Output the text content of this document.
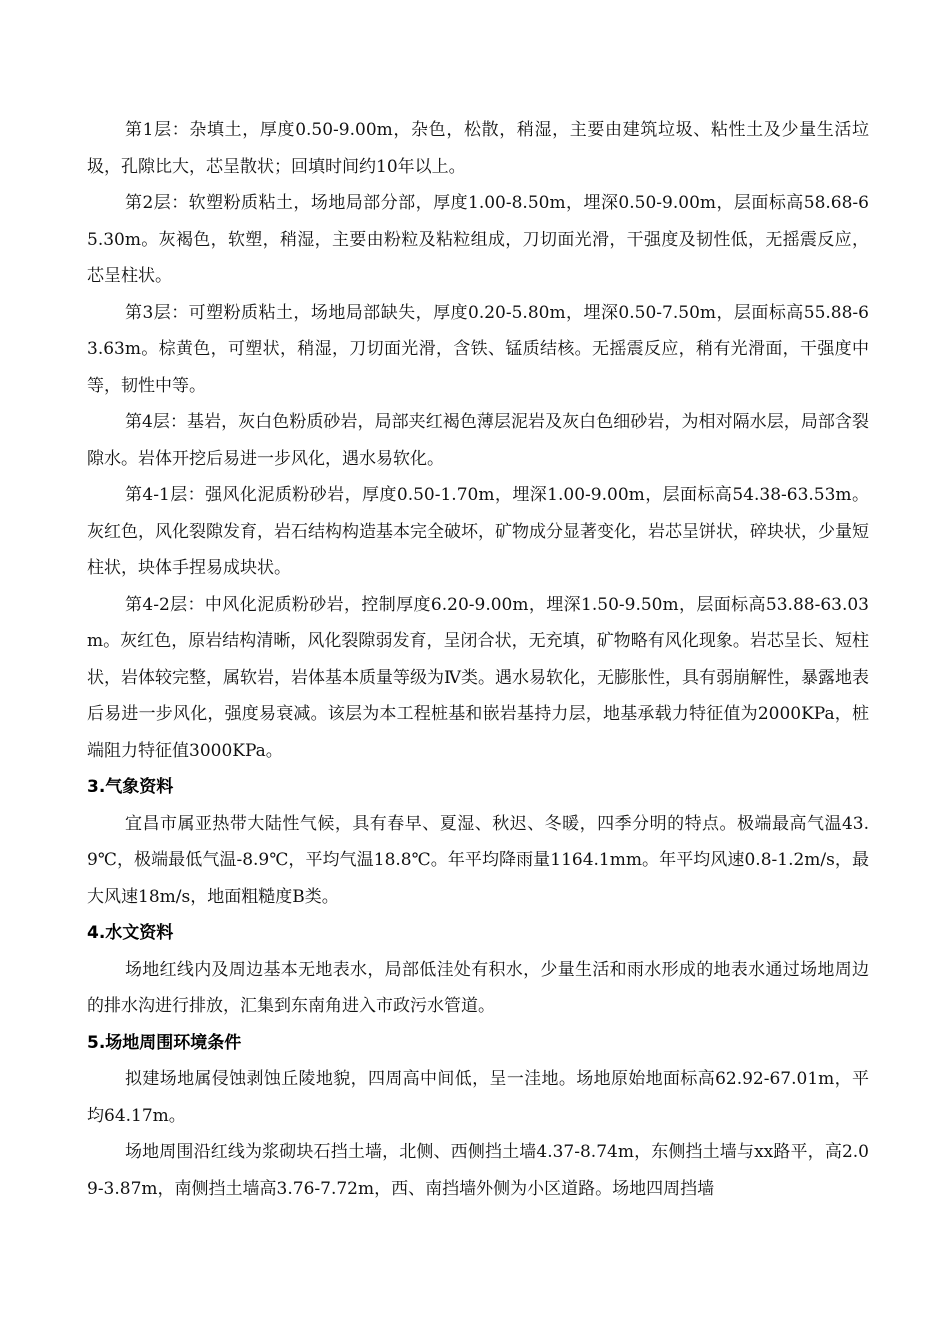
第1层：杂填土，厚度0.50-9.00m，杂色，松散，稍湿，主要由建筑垃圾、粘性土及少量生活垃圾，孔隙比大，芯呈散状；回填时间约10年以上。

第2层：软塑粉质粘土，场地局部分部，厚度1.00-8.50m，埋深0.50-9.00m，层面标高58.68-65.30m。灰褐色，软塑，稍湿，主要由粉粒及粘粒组成，刀切面光滑，干强度及韧性低，无摇震反应，芯呈柱状。

第3层：可塑粉质粘土，场地局部缺失，厚度0.20-5.80m，埋深0.50-7.50m，层面标高55.88-63.63m。棕黄色，可塑状，稍湿，刀切面光滑，含铁、锰质结核。无摇震反应，稍有光滑面，干强度中等，韧性中等。

第4层：基岩，灰白色粉质砂岩，局部夹红褐色薄层泥岩及灰白色细砂岩，为相对隔水层，局部含裂隙水。岩体开挖后易进一步风化，遇水易软化。

第4-1层：强风化泥质粉砂岩，厚度0.50-1.70m，埋深1.00-9.00m，层面标高54.38-63.53m。灰红色，风化裂隙发育，岩石结构构造基本完全破坏，矿物成分显著变化，岩芯呈饼状，碎块状，少量短柱状，块体手捏易成块状。

第4-2层：中风化泥质粉砂岩，控制厚度6.20-9.00m，埋深1.50-9.50m，层面标高53.88-63.03m。灰红色，原岩结构清晰，风化裂隙弱发育，呈闭合状，无充填，矿物略有风化现象。岩芯呈长、短柱状，岩体较完整，属软岩，岩体基本质量等级为Ⅳ类。遇水易软化，无膨胀性，具有弱崩解性，暴露地表后易进一步风化，强度易衰减。该层为本工程桩基和嵌岩基持力层，地基承载力特征值为2000KPa，桩端阻力特征值3000KPa。

3.气象资料

宜昌市属亚热带大陆性气候，具有春早、夏湿、秋迟、冬暖，四季分明的特点。极端最高气温43.9℃，极端最低气温-8.9℃，平均气温18.8℃。年平均降雨量1164.1mm。年平均风速0.8-1.2m/s，最大风速18m/s，地面粗糙度B类。

4.水文资料

场地红线内及周边基本无地表水，局部低洼处有积水，少量生活和雨水形成的地表水通过场地周边的排水沟进行排放，汇集到东南角进入市政污水管道。

5.场地周围环境条件

拟建场地属侵蚀剥蚀丘陵地貌，四周高中间低，呈一洼地。场地原始地面标高62.92-67.01m，平均64.17m。

场地周围沿红线为浆砌块石挡土墙，北侧、西侧挡土墙4.37-8.74m，东侧挡土墙与xx路平，高2.09-3.87m，南侧挡土墙高3.76-7.72m，西、南挡墙外侧为小区道路。场地四周挡墙
